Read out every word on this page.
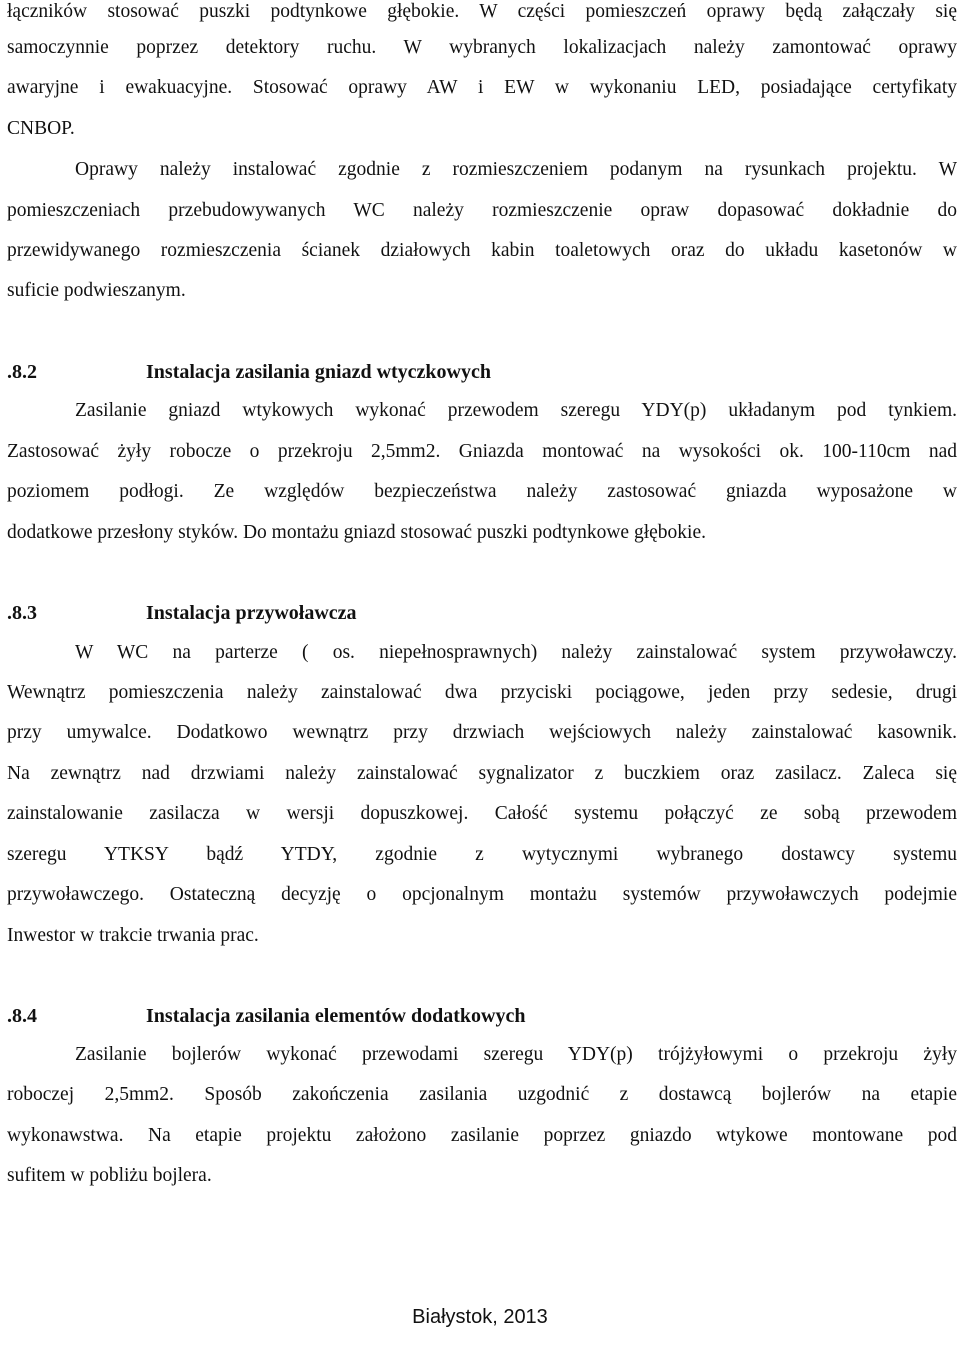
łączników stosować puszki podtynkowe głębokie. W części pomieszczeń oprawy będą załączały się
samoczynnie poprzez detektory ruchu. W wybranych lokalizacjach należy zamontować oprawy
awaryjne i ewakuacyjne. Stosować oprawy AW i EW w wykonaniu LED, posiadające certyfikaty
CNBOP.
Oprawy należy instalować zgodnie z rozmieszczeniem podanym na rysunkach projektu. W
pomieszczeniach przebudowywanych WC należy rozmieszczenie opraw dopasować dokładnie do
przewidywanego rozmieszczenia ścianek działowych kabin toaletowych oraz do układu kasetonów w
suficie podwieszanym.
.8.2	Instalacja zasilania gniazd wtyczkowych
Zasilanie gniazd wtykowych wykonać przewodem szeregu YDY(p) układanym pod tynkiem.
Zastosować żyły robocze o przekroju 2,5mm2. Gniazda montować na wysokości ok. 100-110cm nad
poziomem podłogi. Ze względów bezpieczeństwa należy zastosować gniazda wyposażone w
dodatkowe przesłony styków. Do montażu gniazd stosować puszki podtynkowe głębokie.
.8.3	Instalacja przywoławcza
W WC na parterze ( os. niepełnosprawnych) należy zainstalować system przywoławczy.
Wewnątrz pomieszczenia należy zainstalować dwa przyciski pociągowe, jeden przy sedesie, drugi
przy umywalce. Dodatkowo wewnątrz przy drzwiach wejściowych należy zainstalować kasownik.
Na zewnątrz nad drzwiami należy zainstalować sygnalizator z buczkiem oraz zasilacz. Zaleca się
zainstalowanie zasilacza w wersji dopuszkowej. Całość systemu połączyć ze sobą przewodem
szeregu YTKSY bądź YTDY, zgodnie z wytycznymi wybranego dostawcy systemu
przywoławczego. Ostateczną decyzję o opcjonalnym montażu systemów przywoławczych podejmie
Inwestor w trakcie trwania prac.
.8.4	Instalacja zasilania elementów dodatkowych
Zasilanie bojlerów wykonać przewodami szeregu YDY(p) trójżyłowymi o przekroju żyły
roboczej 2,5mm2. Sposób zakończenia zasilania uzgodnić z dostawcą bojlerów na etapie
wykonawstwa. Na etapie projektu założono zasilanie poprzez gniazdo wtykowe montowane pod
sufitem w pobliżu bojlera.
Białystok, 2013
